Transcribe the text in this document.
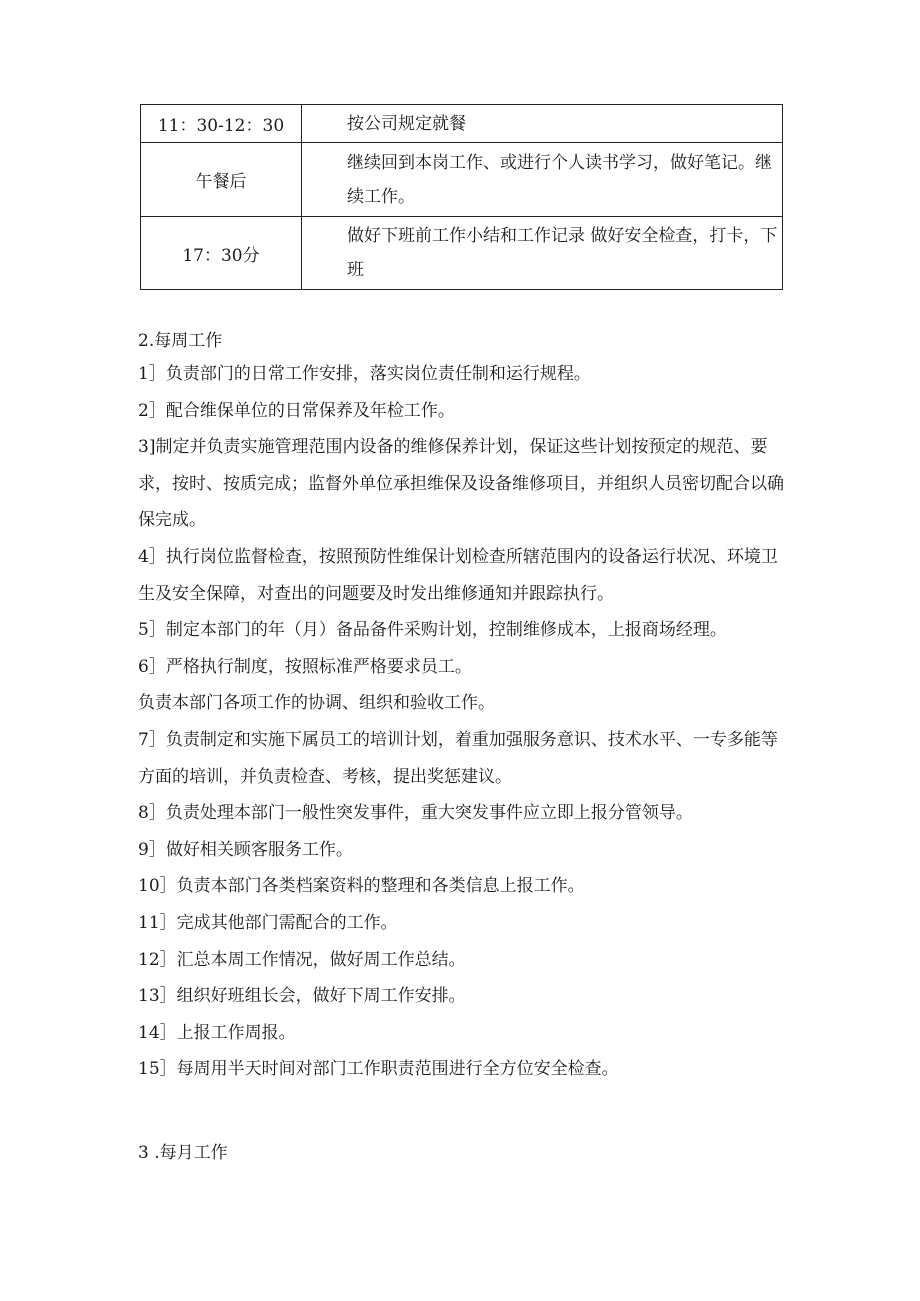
11：30-12：30	按公司规定就餐
午餐后	继续回到本岗工作、或进行个人读书学习，做好笔记。继续工作。
17：30分	做好下班前工作小结和工作记录 做好安全检查，打卡，下班
2.每周工作

1］负责部门的日常工作安排，落实岗位责任制和运行规程。

2］配合维保单位的日常保养及年检工作。

3]制定并负责实施管理范围内设备的维修保养计划，保证这些计划按预定的规范、要求，按时、按质完成；监督外单位承担维保及设备维修项目，并组织人员密切配合以确保完成。

4］执行岗位监督检查，按照预防性维保计划检查所辖范围内的设备运行状况、环境卫生及安全保障，对查出的问题要及时发出维修通知并跟踪执行。

5］制定本部门的年（月）备品备件采购计划，控制维修成本，上报商场经理。

6］严格执行制度，按照标准严格要求员工。

负责本部门各项工作的协调、组织和验收工作。

7］负责制定和实施下属员工的培训计划，着重加强服务意识、技术水平、一专多能等方面的培训，并负责检查、考核，提出奖惩建议。

8］负责处理本部门一般性突发事件，重大突发事件应立即上报分管领导。

9］做好相关顾客服务工作。

10］负责本部门各类档案资料的整理和各类信息上报工作。

11］完成其他部门需配合的工作。

12］汇总本周工作情况，做好周工作总结。

13］组织好班组长会，做好下周工作安排。

14］上报工作周报。

15］每周用半天时间对部门工作职责范围进行全方位安全检查。

3 .每月工作
